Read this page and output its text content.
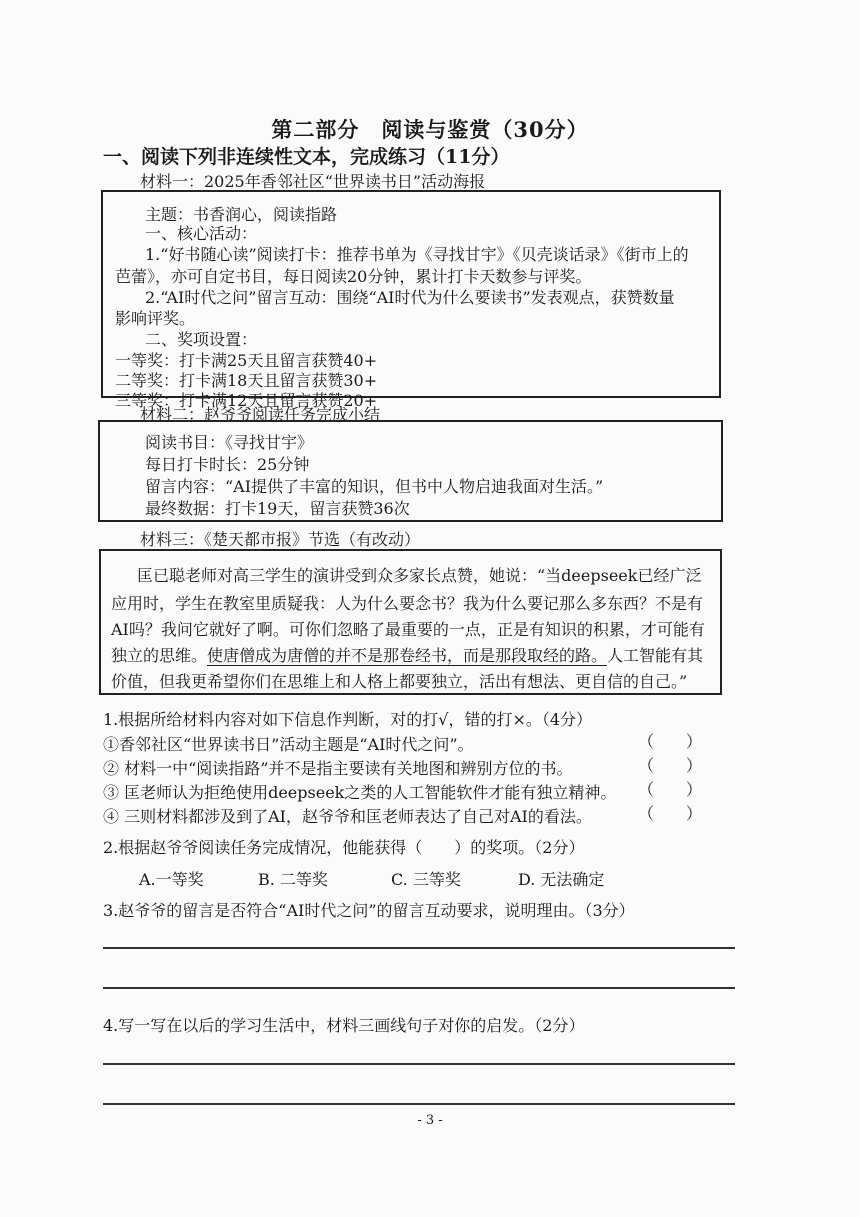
第二部分　阅读与鉴赏（30分）
一、阅读下列非连续性文本，完成练习（11分）
材料一：2025年香邻社区“世界读书日”活动海报
主题：书香润心，阅读指路
一、核心活动：
1.“好书随心读”阅读打卡：推荐书单为《寻找甘宇》《贝壳谈话录》《街市上的
芭蕾》，亦可自定书目，每日阅读20分钟，累计打卡天数参与评奖。
2.“AI时代之问”留言互动：围绕“AI时代为什么要读书”发表观点，获赞数量
影响评奖。
二、奖项设置：
一等奖：打卡满25天且留言获赞40+
二等奖：打卡满18天且留言获赞30+
三等奖：打卡满12天且留言获赞20+
材料二：赵爷爷阅读任务完成小结
阅读书目：《寻找甘宇》
每日打卡时长：25分钟
留言内容：“AI提供了丰富的知识，但书中人物启迪我面对生活。”
最终数据：打卡19天，留言获赞36次
材料三：《楚天都市报》节选（有改动）
匡已聪老师对高三学生的演讲受到众多家长点赞，她说：“当deepseek已经广泛
应用时，学生在教室里质疑我：人为什么要念书？我为什么要记那么多东西？不是有
AI吗？我问它就好了啊。可你们忽略了最重要的一点，正是有知识的积累，才可能有
独立的思维。使唐僧成为唐僧的并不是那卷经书，而是那段取经的路。人工智能有其
价值，但我更希望你们在思维上和人格上都要独立，活出有想法、更自信的自己。”
1.根据所给材料内容对如下信息作判断，对的打√，错的打×。（4分）
①香邻社区“世界读书日”活动主题是“AI时代之问”。
② 材料一中“阅读指路”并不是指主要读有关地图和辨别方位的书。
③ 匡老师认为拒绝使用deepseek之类的人工智能软件才能有独立精神。
④ 三则材料都涉及到了AI，赵爷爷和匡老师表达了自己对AI的看法。
（　　）
（　　）
（　　）
（　　）
2.根据赵爷爷阅读任务完成情况，他能获得（　　）的奖项。（2分）
A.一等奖	B. 二等奖	C. 三等奖	D. 无法确定
3.赵爷爷的留言是否符合“AI时代之问”的留言互动要求，说明理由。（3分）
4.写一写在以后的学习生活中，材料三画线句子对你的启发。（2分）
- 3 -
